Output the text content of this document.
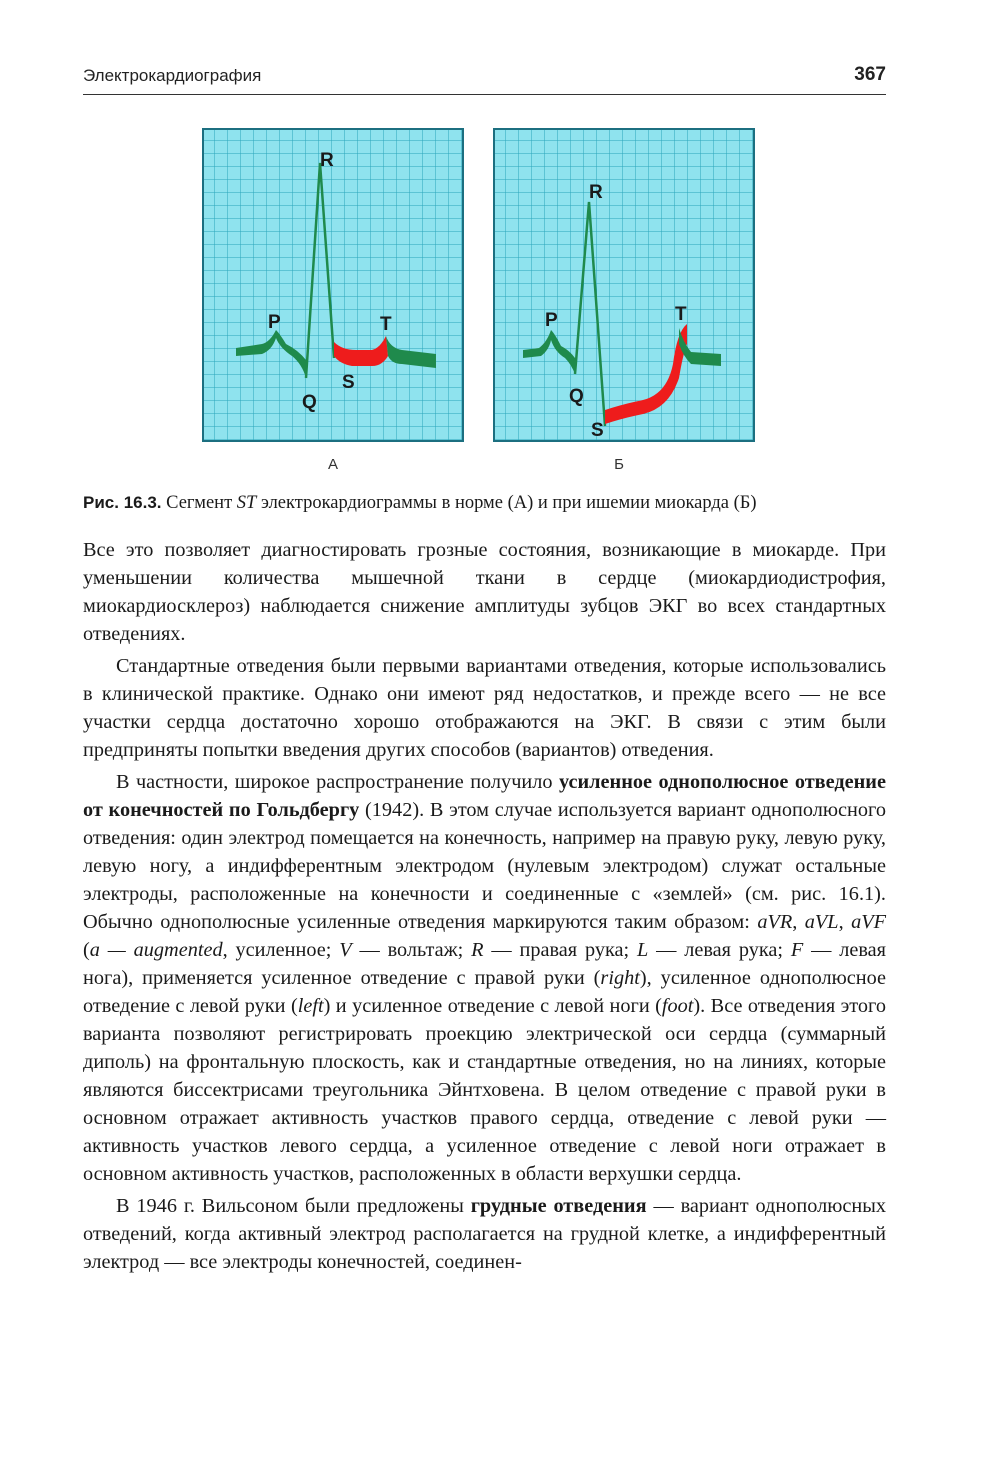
Электрокардиография	367
R
P	T
S
Q
R
P	T
Q
S
А	Б
Рис. 16.3. Сегмент ST электрокардиограммы в норме (А) и при ишемии миокарда (Б)

Все это позволяет диагностировать грозные состояния, возникающие в миокарде. При уменьшении количества мышечной ткани в сердце (миокардиодистрофия, миокардиосклероз) наблюдается снижение амплитуды зубцов ЭКГ во всех стандартных отведениях.

Стандартные отведения были первыми вариантами отведения, которые использовались в клинической практике. Однако они имеют ряд недостатков, и прежде всего — не все участки сердца достаточно хорошо отображаются на ЭКГ. В связи с этим были предприняты попытки введения других способов (вариантов) отведения.

В частности, широкое распространение получило усиленное однополюсное отведение от конечностей по Гольдбергу (1942). В этом случае используется вариант однополюсного отведения: один электрод помещается на конечность, например на правую руку, левую руку, левую ногу, а индифферентным электродом (нулевым электродом) служат остальные электроды, расположенные на конечности и соединенные с «землей» (см. рис. 16.1). Обычно однополюсные усиленные отведения маркируются таким образом: aVR, aVL, aVF (a — augmented, усиленное; V — вольтаж; R — правая рука; L — левая рука; F — левая нога), применяется усиленное отведение с правой руки (right), усиленное однополюсное отведение с левой руки (left) и усиленное отведение с левой ноги (foot). Все отведения этого варианта позволяют регистрировать проекцию электрической оси сердца (суммарный диполь) на фронтальную плоскость, как и стандартные отведения, но на линиях, которые являются биссектрисами треугольника Эйнтховена. В целом отведение с правой руки в основном отражает активность участков правого сердца, отведение с левой руки — активность участков левого сердца, а усиленное отведение с левой ноги отражает в основном активность участков, расположенных в области верхушки сердца.

В 1946 г. Вильсоном были предложены грудные отведения — вариант однополюсных отведений, когда активный электрод располагается на грудной клетке, а индифферентный электрод — все электроды конечностей, соединен-
